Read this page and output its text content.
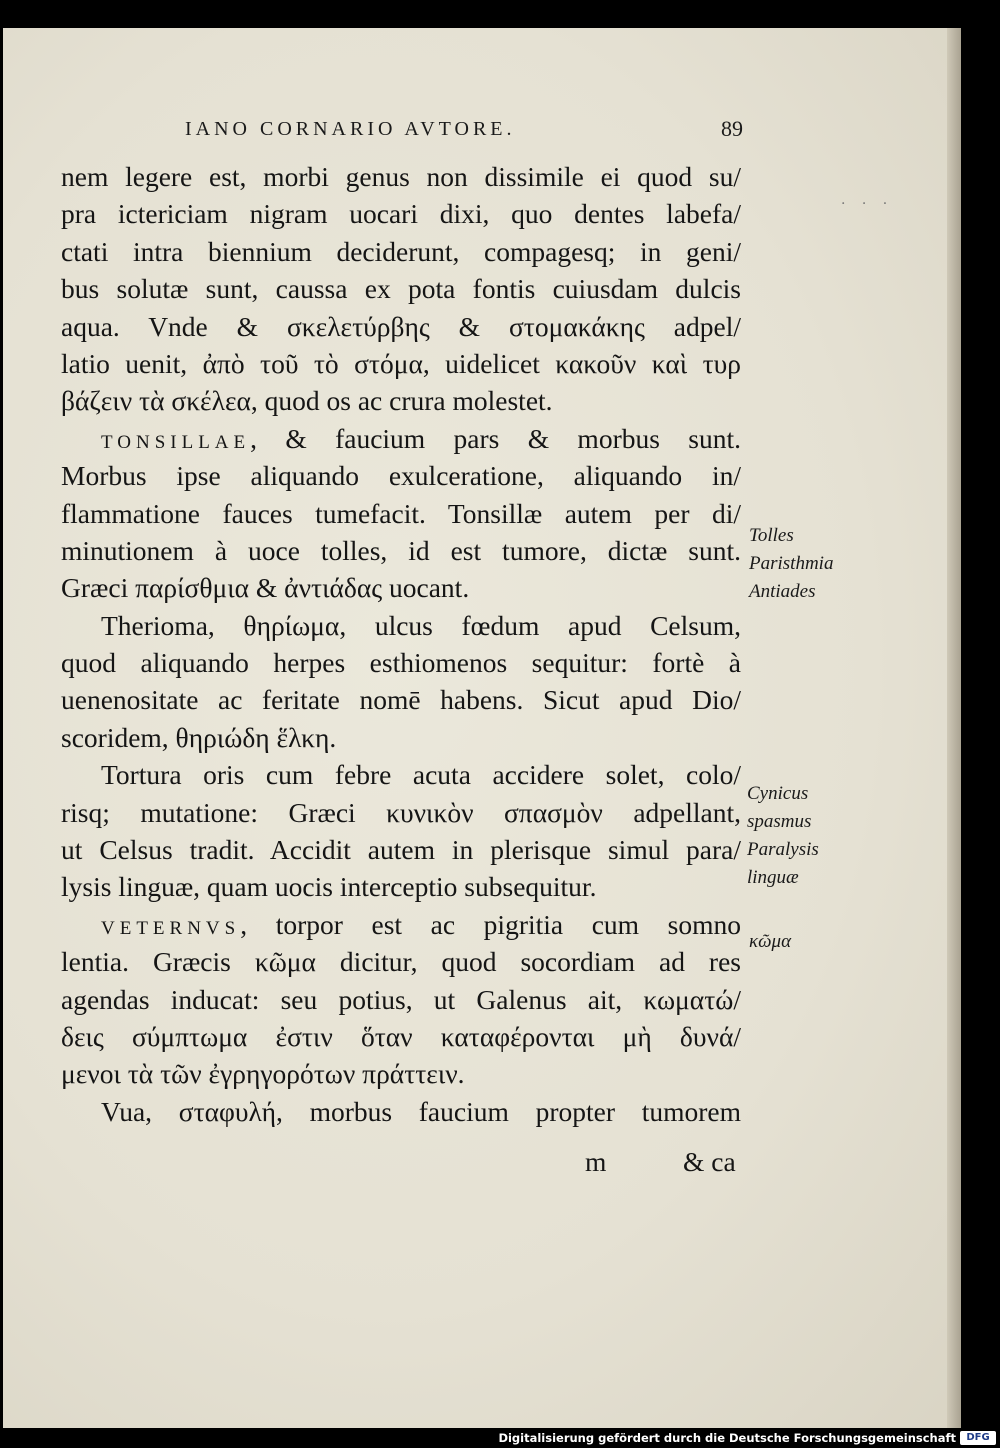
IANO CORNARIO AVTORE.	89
nem legere est, morbi genus non dissimile ei quod su/
pra ictericiam nigram uocari dixi, quo dentes labefa/
ctati intra biennium deciderunt, compagesq; in geni/
bus solutæ sunt, caussa ex pota fontis cuiusdam dulcis
aqua. Vnde & σκελετύρβης & στομακάκης adpel/
latio uenit, ἀπὸ τοῦ τὸ στόμα, uidelicet κακοῦν καὶ τυρ
βάζειν τὰ σκέλεα, quod os ac crura molestet.
TONSILLAE, & faucium pars & morbus sunt.
Morbus ipse aliquando exulceratione, aliquando in/
flammatione fauces tumefacit. Tonsillæ autem per di/
minutionem à uoce tolles, id est tumore, dictæ sunt.
Græci παρίσθμια & ἀντιάδας uocant.
Therioma, θηρίωμα, ulcus fœdum apud Celsum,
quod aliquando herpes esthiomenos sequitur: fortè à
uenenositate ac feritate nomē habens. Sicut apud Dio/
scoridem, θηριώδη ἕλκη.
Tortura oris cum febre acuta accidere solet, colo/
risq; mutatione: Græci κυνικὸν σπασμὸν adpellant,
ut Celsus tradit. Accidit autem in plerisque simul para/
lysis linguæ, quam uocis interceptio subsequitur.
VETERNVS, torpor est ac pigritia cum somno
lentia. Græcis κῶμα dicitur, quod socordiam ad res
agendas inducat: seu potius, ut Galenus ait, κωματώ/
δεις σύμπτωμα ἐστιν ὅταν καταφέρονται μὴ δυνά/
μενοι τὰ τῶν ἐγρηγορότων πράττειν.
Vua, σταφυλή, morbus faucium propter tumorem
m	& ca
Tolles
Paristhmia
Antiades
Cynicus
spasmus
Paralysis
linguæ
κῶμα
· · ·
Digitalisierung gefördert durch die Deutsche Forschungsgemeinschaft	DFG
